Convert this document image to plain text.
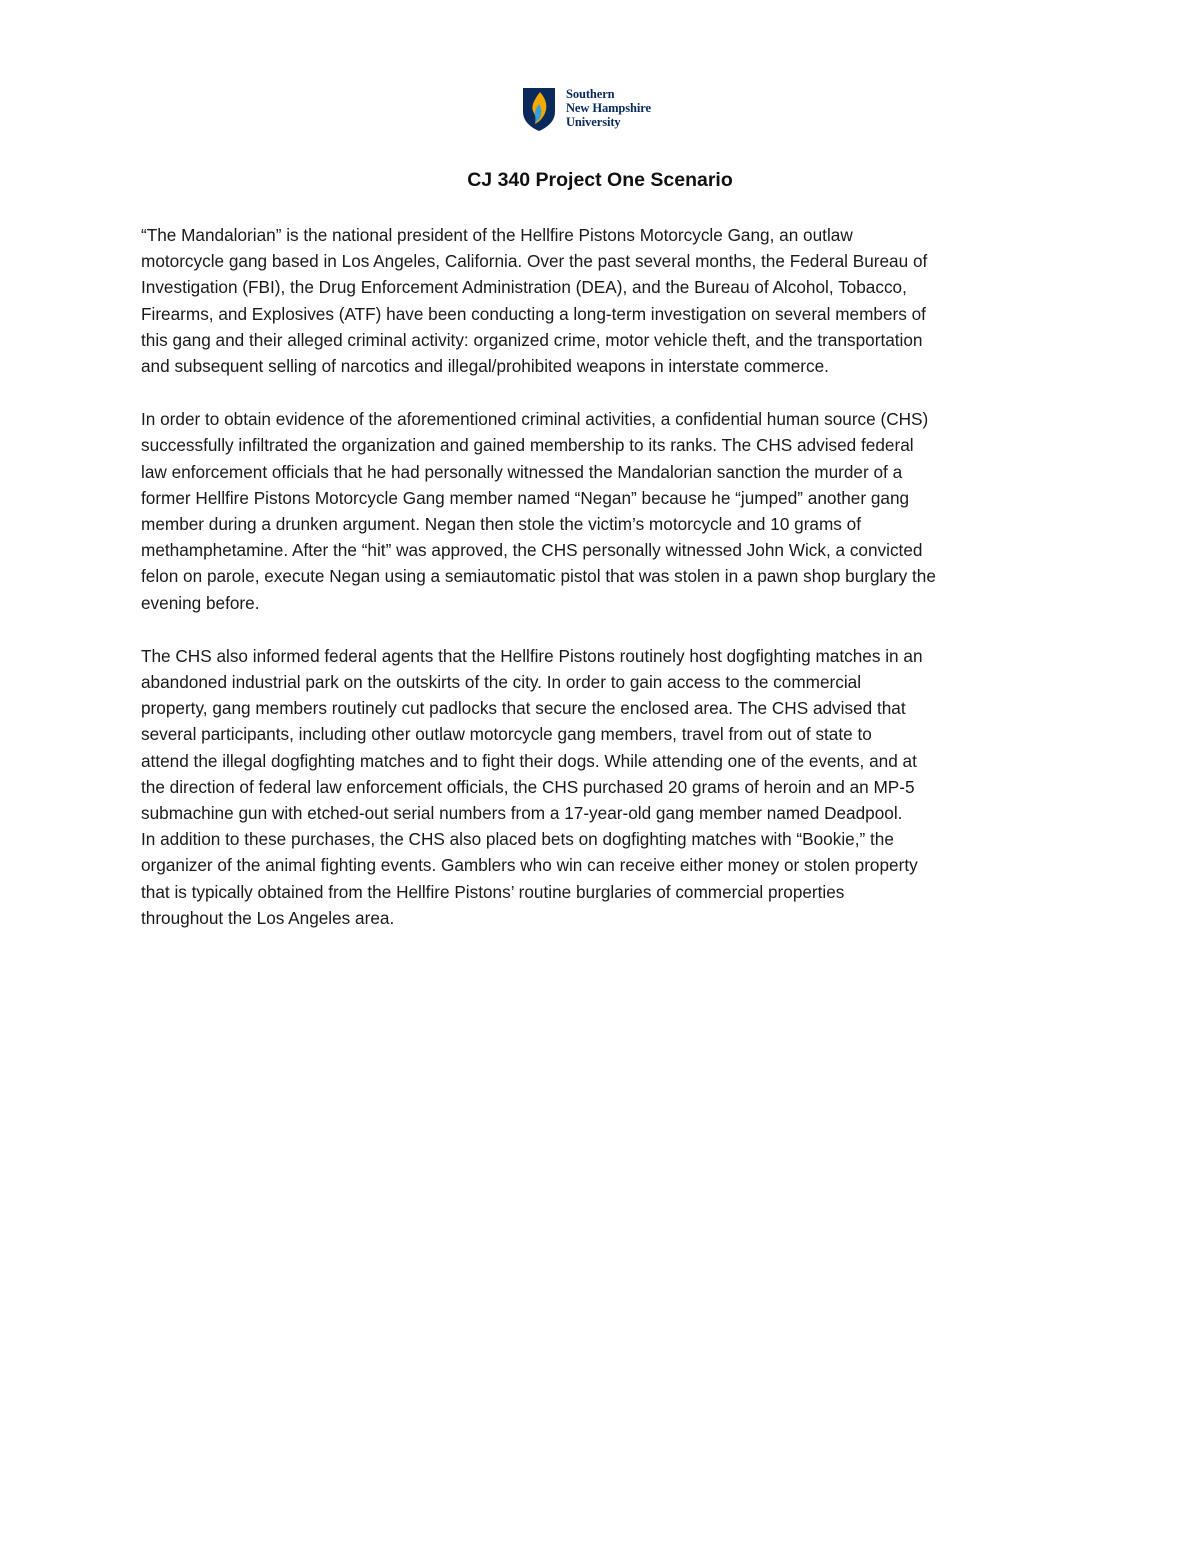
Southern
New Hampshire
University
CJ 340 Project One Scenario
“The Mandalorian” is the national president of the Hellfire Pistons Motorcycle Gang, an outlaw
motorcycle gang based in Los Angeles, California. Over the past several months, the Federal Bureau of
Investigation (FBI), the Drug Enforcement Administration (DEA), and the Bureau of Alcohol, Tobacco,
Firearms, and Explosives (ATF) have been conducting a long-term investigation on several members of
this gang and their alleged criminal activity: organized crime, motor vehicle theft, and the transportation
and subsequent selling of narcotics and illegal/prohibited weapons in interstate commerce.
In order to obtain evidence of the aforementioned criminal activities, a confidential human source (CHS)
successfully infiltrated the organization and gained membership to its ranks. The CHS advised federal
law enforcement officials that he had personally witnessed the Mandalorian sanction the murder of a
former Hellfire Pistons Motorcycle Gang member named “Negan” because he “jumped” another gang
member during a drunken argument. Negan then stole the victim’s motorcycle and 10 grams of
methamphetamine. After the “hit” was approved, the CHS personally witnessed John Wick, a convicted
felon on parole, execute Negan using a semiautomatic pistol that was stolen in a pawn shop burglary the
evening before.
The CHS also informed federal agents that the Hellfire Pistons routinely host dogfighting matches in an
abandoned industrial park on the outskirts of the city. In order to gain access to the commercial
property, gang members routinely cut padlocks that secure the enclosed area. The CHS advised that
several participants, including other outlaw motorcycle gang members, travel from out of state to
attend the illegal dogfighting matches and to fight their dogs. While attending one of the events, and at
the direction of federal law enforcement officials, the CHS purchased 20 grams of heroin and an MP-5
submachine gun with etched-out serial numbers from a 17-year-old gang member named Deadpool.
In addition to these purchases, the CHS also placed bets on dogfighting matches with “Bookie,” the
organizer of the animal fighting events. Gamblers who win can receive either money or stolen property
that is typically obtained from the Hellfire Pistons’ routine burglaries of commercial properties
throughout the Los Angeles area.
